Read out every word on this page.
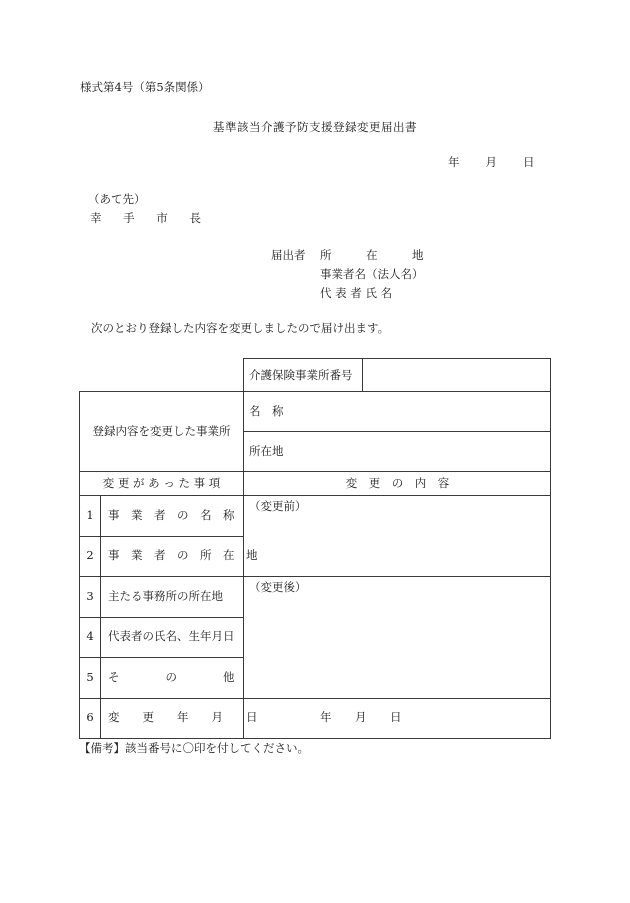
様式第4号（第5条関係）
基準該当介護予防支援登録変更届出書
年 月 日
（あて先）
幸 手 市 長
届出者 所　　　在　　　地
事業者名（法人名）
代 表 者 氏 名
次のとおり登録した内容を変更しましたので届け出ます。
介護保険事業所番号
登録内容を変更した事業所
名　称
所在地
変 更 が あ っ た 事 項	変　更　の　内　容
（変更前）
（変更後）
1
2
3
4
5
6
事　業　者　の　名　称
事　業　者　の　所　在　地
主たる事務所の所在地
代表者の氏名、生年月日
そ　　　　の　　　　他
変　　更　　年　　月　　日	年 月 日
【備考】該当番号に〇印を付してください。
